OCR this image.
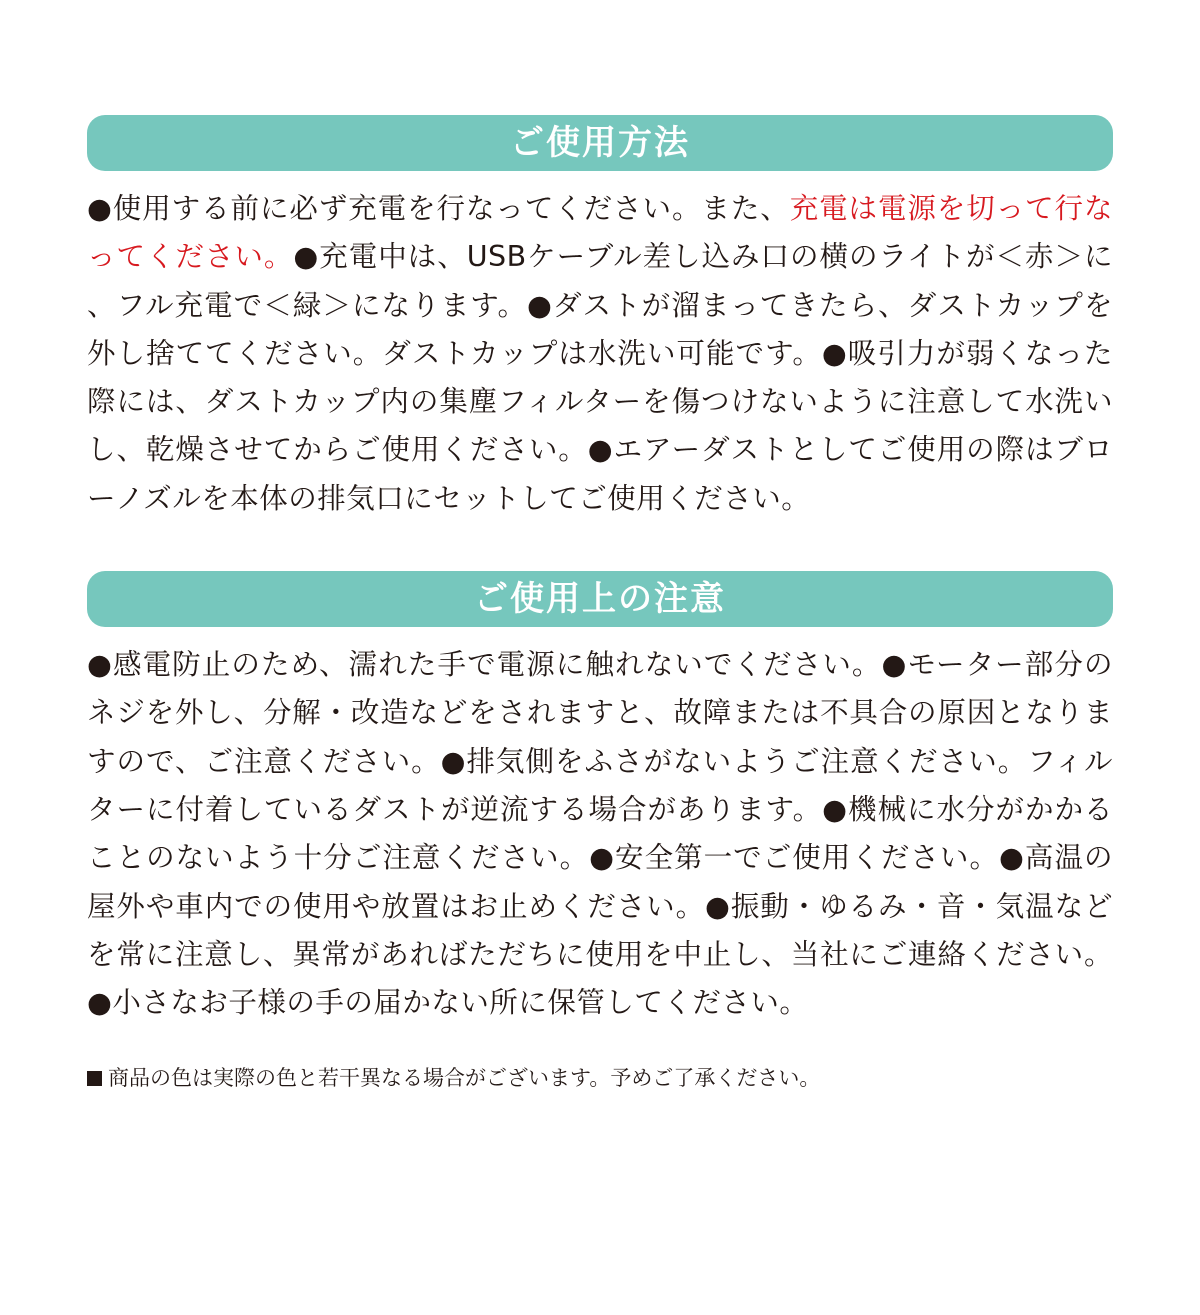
ご使用方法

●使用する前に必ず充電を行なってください。また、充電は電源を切って行なってください。●充電中は、USBケーブル差し込み口の横のライトが＜赤＞に、フル充電で＜緑＞になります。●ダストが溜まってきたら、ダストカップを外し捨ててください。ダストカップは水洗い可能です。●吸引力が弱くなった際には、ダストカップ内の集塵フィルターを傷つけないように注意して水洗いし、乾燥させてからご使用ください。●エアーダストとしてご使用の際はブローノズルを本体の排気口にセットしてご使用ください。

ご使用上の注意

●感電防止のため、濡れた手で電源に触れないでください。●モーター部分のネジを外し、分解・改造などをされますと、故障または不具合の原因となりますので、ご注意ください。●排気側をふさがないようご注意ください。フィルターに付着しているダストが逆流する場合があります。●機械に水分がかかることのないよう十分ご注意ください。●安全第一でご使用ください。●高温の屋外や車内での使用や放置はお止めください。●振動・ゆるみ・音・気温などを常に注意し、異常があればただちに使用を中止し、当社にご連絡ください。●小さなお子様の手の届かない所に保管してください。

商品の色は実際の色と若干異なる場合がございます。予めご了承ください。
